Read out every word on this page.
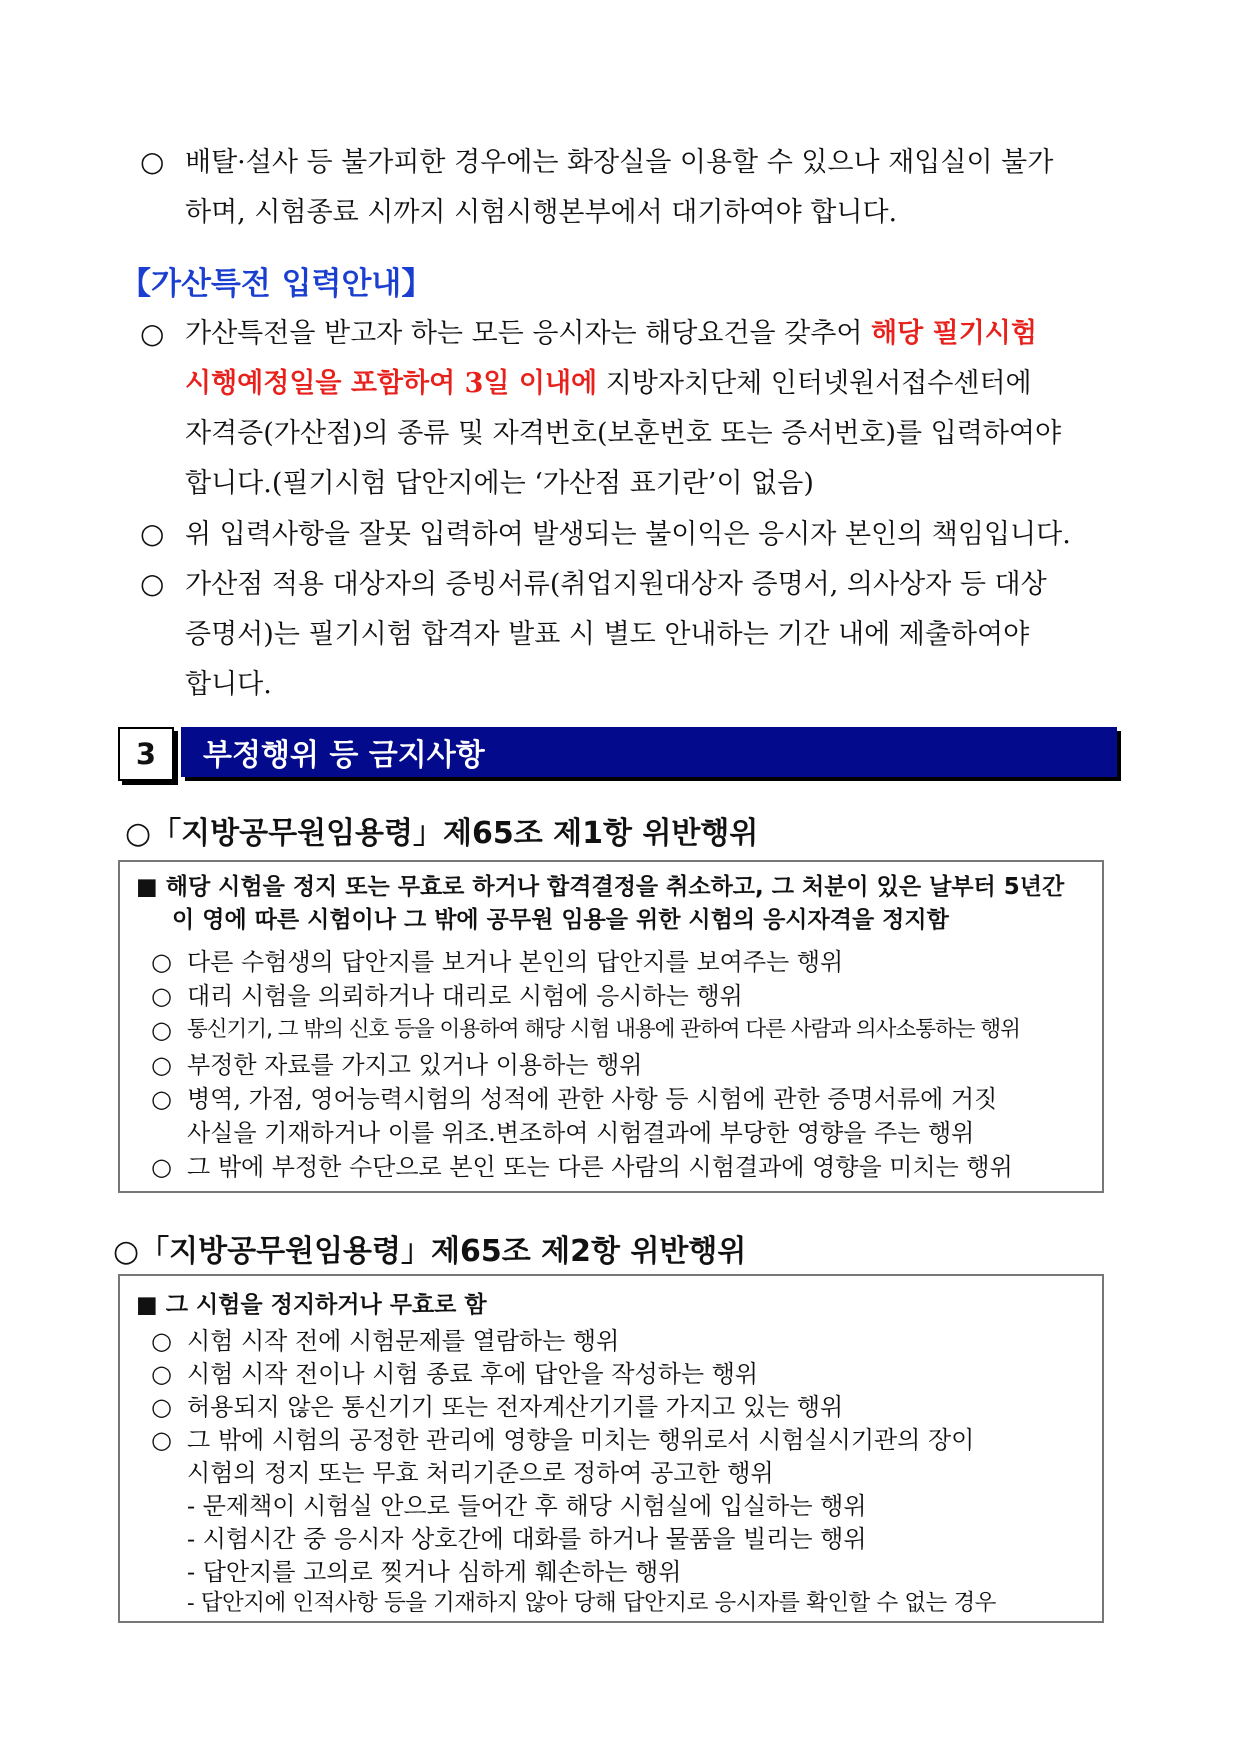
○ 배탈·설사 등 불가피한 경우에는 화장실을 이용할 수 있으나 재입실이 불가
하며, 시험종료 시까지 시험시행본부에서 대기하여야 합니다.
【가산특전 입력안내】
○ 가산특전을 받고자 하는 모든 응시자는 해당요건을 갖추어 해당 필기시험
시행예정일을 포함하여 3일 이내에 지방자치단체 인터넷원서접수센터에
자격증(가산점)의 종류 및 자격번호(보훈번호 또는 증서번호)를 입력하여야
합니다.(필기시험 답안지에는 ‘가산점 표기란’이 없음)
○ 위 입력사항을 잘못 입력하여 발생되는 불이익은 응시자 본인의 책임입니다.
○ 가산점 적용 대상자의 증빙서류(취업지원대상자 증명서, 의사상자 등 대상
증명서)는 필기시험 합격자 발표 시 별도 안내하는 기간 내에 제출하여야
합니다.
3	부정행위 등 금지사항
○「지방공무원임용령」제65조 제1항 위반행위
■ 해당 시험을 정지 또는 무효로 하거나 합격결정을 취소하고, 그 처분이 있은 날부터 5년간
이 영에 따른 시험이나 그 밖에 공무원 임용을 위한 시험의 응시자격을 정지함
○ 다른 수험생의 답안지를 보거나 본인의 답안지를 보여주는 행위
○ 대리 시험을 의뢰하거나 대리로 시험에 응시하는 행위
○ 통신기기, 그 밖의 신호 등을 이용하여 해당 시험 내용에 관하여 다른 사람과 의사소통하는 행위
○ 부정한 자료를 가지고 있거나 이용하는 행위
○ 병역, 가점, 영어능력시험의 성적에 관한 사항 등 시험에 관한 증명서류에 거짓
사실을 기재하거나 이를 위조.변조하여 시험결과에 부당한 영향을 주는 행위
○ 그 밖에 부정한 수단으로 본인 또는 다른 사람의 시험결과에 영향을 미치는 행위
○「지방공무원임용령」제65조 제2항 위반행위
■ 그 시험을 정지하거나 무효로 함
○ 시험 시작 전에 시험문제를 열람하는 행위
○ 시험 시작 전이나 시험 종료 후에 답안을 작성하는 행위
○ 허용되지 않은 통신기기 또는 전자계산기기를 가지고 있는 행위
○ 그 밖에 시험의 공정한 관리에 영향을 미치는 행위로서 시험실시기관의 장이
시험의 정지 또는 무효 처리기준으로 정하여 공고한 행위
- 문제책이 시험실 안으로 들어간 후 해당 시험실에 입실하는 행위
- 시험시간 중 응시자 상호간에 대화를 하거나 물품을 빌리는 행위
- 답안지를 고의로 찢거나 심하게 훼손하는 행위
- 답안지에 인적사항 등을 기재하지 않아 당해 답안지로 응시자를 확인할 수 없는 경우
